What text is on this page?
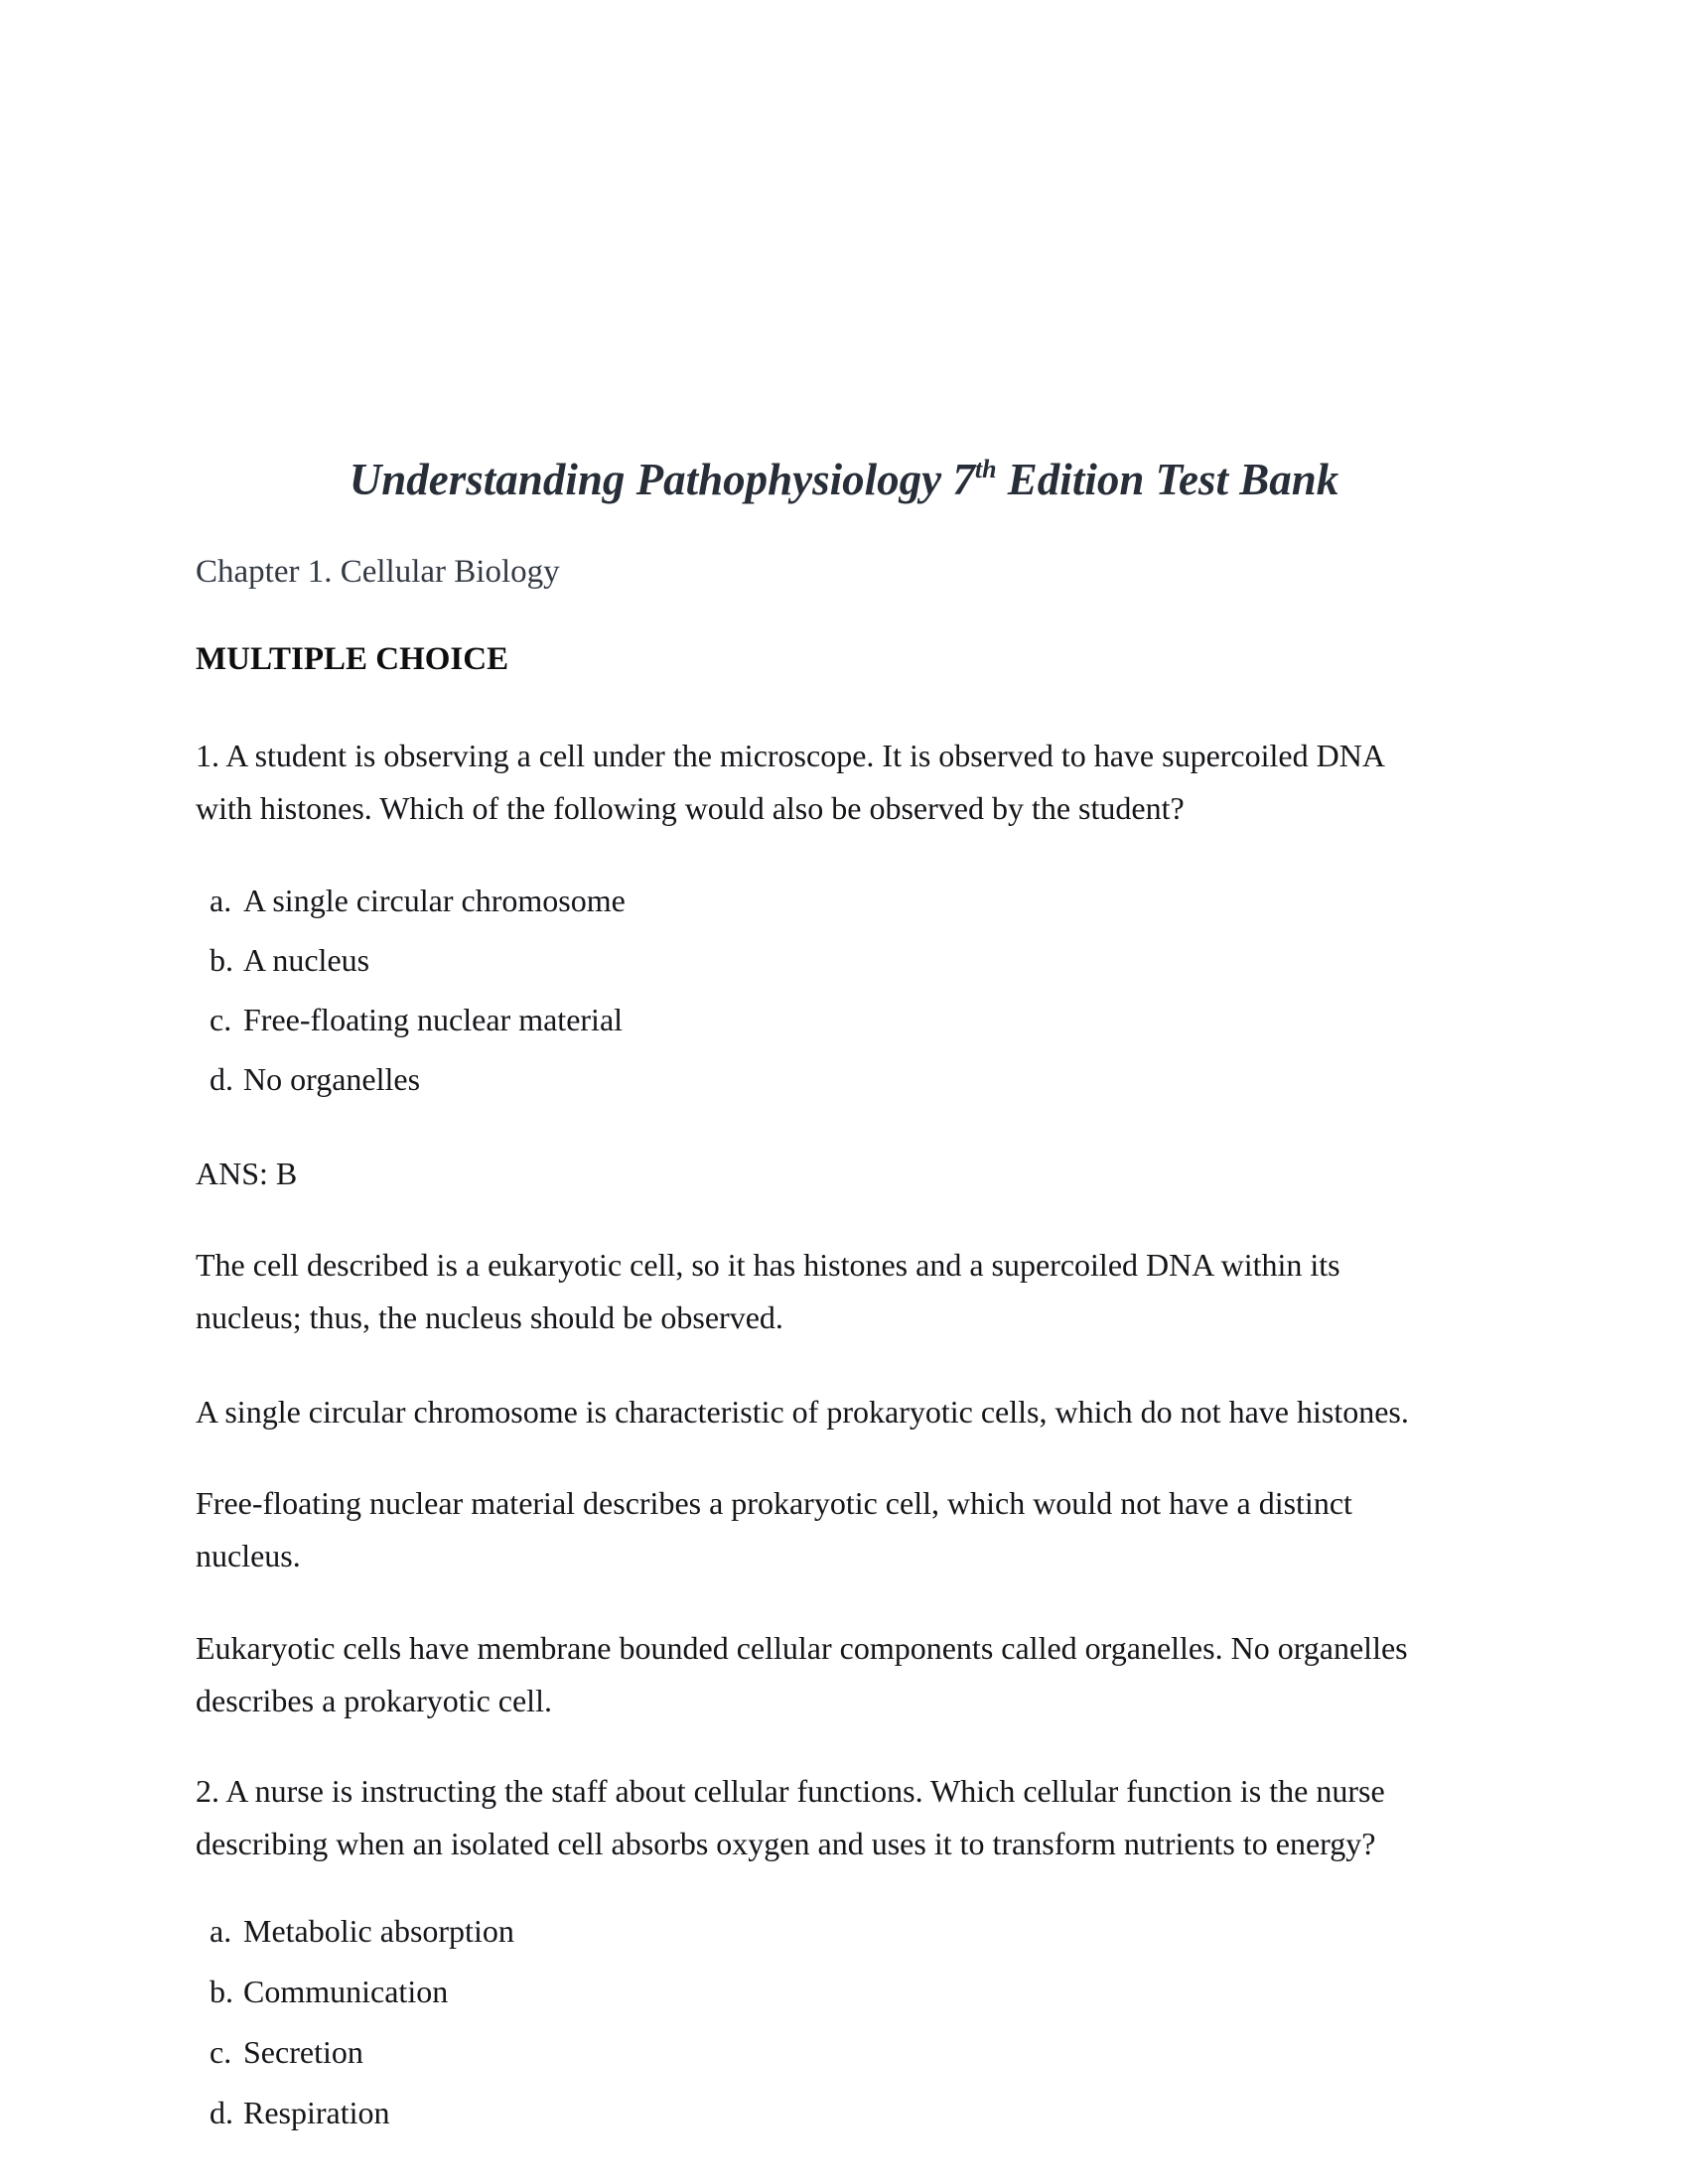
Understanding Pathophysiology 7th Edition Test Bank
Chapter 1. Cellular Biology
MULTIPLE CHOICE
1. A student is observing a cell under the microscope. It is observed to have supercoiled DNA
with histones. Which of the following would also be observed by the student?
a. A single circular chromosome
b. A nucleus
c. Free-floating nuclear material
d. No organelles
ANS: B
The cell described is a eukaryotic cell, so it has histones and a supercoiled DNA within its
nucleus; thus, the nucleus should be observed.
A single circular chromosome is characteristic of prokaryotic cells, which do not have histones.
Free-floating nuclear material describes a prokaryotic cell, which would not have a distinct
nucleus.
Eukaryotic cells have membrane bounded cellular components called organelles. No organelles
describes a prokaryotic cell.
2. A nurse is instructing the staff about cellular functions. Which cellular function is the nurse
describing when an isolated cell absorbs oxygen and uses it to transform nutrients to energy?
a. Metabolic absorption
b. Communication
c. Secretion
d. Respiration
